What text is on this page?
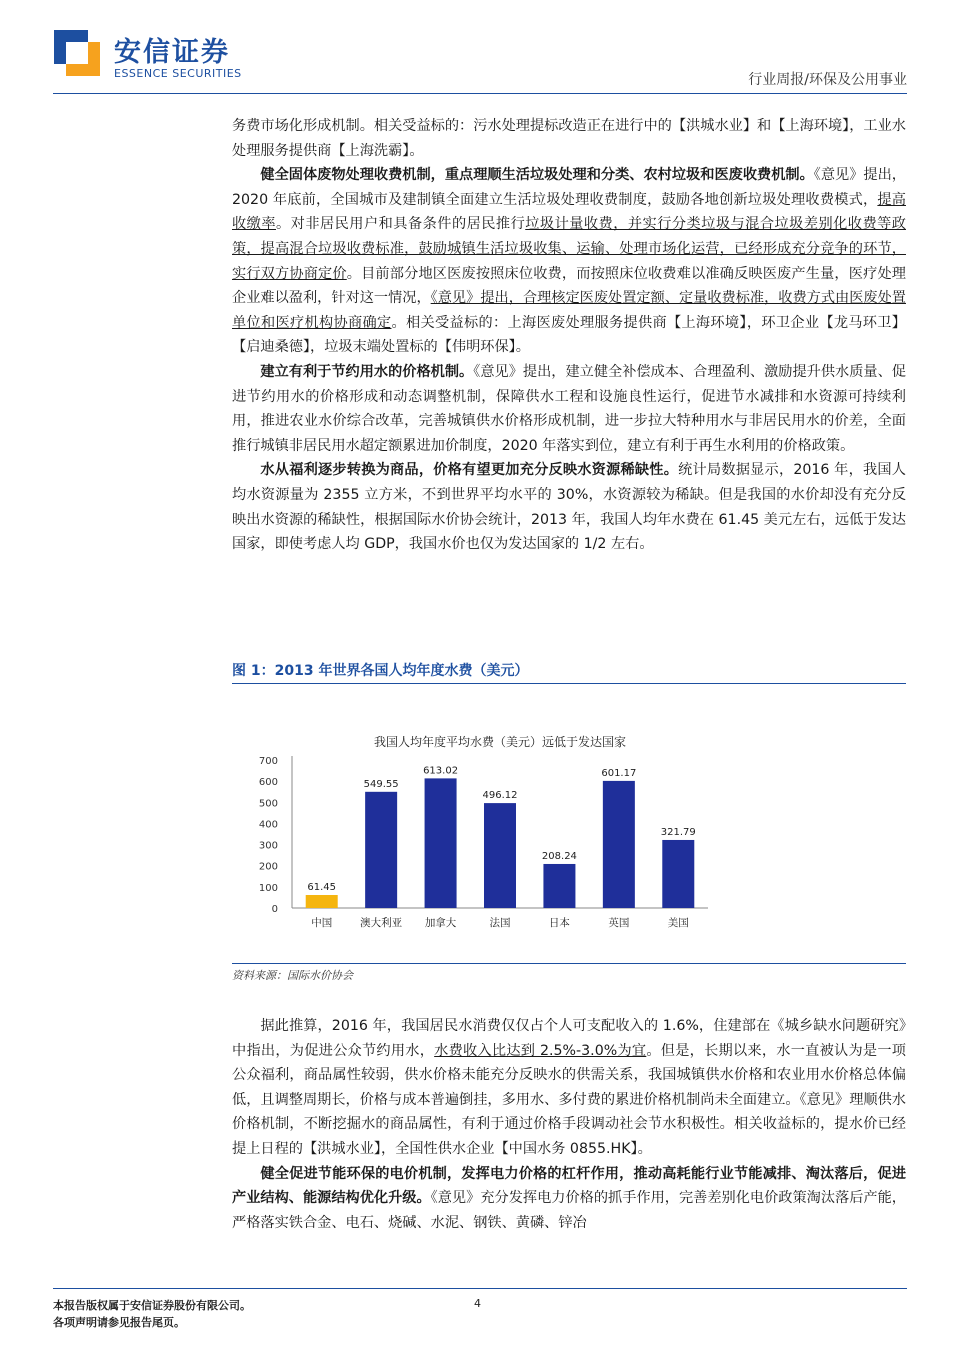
安信证券
ESSENCE SECURITIES	行业周报/环保及公用事业

务费市场化形成机制。相关受益标的：污水处理提标改造正在进行中的【洪城水业】和【上海环境】，工业水处理服务提供商【上海洗霸】。

健全固体废物处理收费机制，重点理顺生活垃圾处理和分类、农村垃圾和医废收费机制。《意见》提出，2020 年底前，全国城市及建制镇全面建立生活垃圾处理收费制度，鼓励各地创新垃圾处理收费模式，提高收缴率。对非居民用户和具备条件的居民推行垃圾计量收费，并实行分类垃圾与混合垃圾差别化收费等政策，提高混合垃圾收费标准，鼓励城镇生活垃圾收集、运输、处理市场化运营，已经形成充分竞争的环节，实行双方协商定价。目前部分地区医废按照床位收费，而按照床位收费难以准确反映医废产生量，医疗处理企业难以盈利，针对这一情况，《意见》提出，合理核定医废处置定额、定量收费标准，收费方式由医废处置单位和医疗机构协商确定。相关受益标的：上海医废处理服务提供商【上海环境】，环卫企业【龙马环卫】【启迪桑德】，垃圾末端处置标的【伟明环保】。

建立有利于节约用水的价格机制。《意见》提出，建立健全补偿成本、合理盈利、激励提升供水质量、促进节约用水的价格形成和动态调整机制，保障供水工程和设施良性运行，促进节水减排和水资源可持续利用，推进农业水价综合改革，完善城镇供水价格形成机制，进一步拉大特种用水与非居民用水的价差，全面推行城镇非居民用水超定额累进加价制度，2020 年落实到位，建立有利于再生水利用的价格政策。

水从福利逐步转换为商品，价格有望更加充分反映水资源稀缺性。统计局数据显示，2016 年，我国人均水资源量为 2355 立方米，不到世界平均水平的 30%，水资源较为稀缺。但是我国的水价却没有充分反映出水资源的稀缺性，根据国际水价协会统计，2013 年，我国人均年水费在 61.45 美元左右，远低于发达国家，即使考虑人均 GDP，我国水价也仅为发达国家的 1/2 左右。

图 1：2013 年世界各国人均年度水费（美元）
我国人均年度平均水费（美元）远低于发达国家
0
100
200
300
400
500
600
700
61.45
中国
549.55
澳大利亚
613.02
加拿大
496.12
法国
208.24
日本
601.17
英国
321.79
美国
资料来源：国际水价协会

据此推算，2016 年，我国居民水消费仅仅占个人可支配收入的 1.6%，住建部在《城乡缺水问题研究》中指出，为促进公众节约用水，水费收入比达到 2.5%-3.0%为宜。但是，长期以来，水一直被认为是一项公众福利，商品属性较弱，供水价格未能充分反映水的供需关系，我国城镇供水价格和农业用水价格总体偏低，且调整周期长，价格与成本普遍倒挂，多用水、多付费的累进价格机制尚未全面建立。《意见》理顺供水价格机制，不断挖掘水的商品属性，有利于通过价格手段调动社会节水积极性。相关收益标的，提水价已经提上日程的【洪城水业】，全国性供水企业【中国水务 0855.HK】。

健全促进节能环保的电价机制，发挥电力价格的杠杆作用，推动高耗能行业节能减排、淘汰落后，促进产业结构、能源结构优化升级。《意见》充分发挥电力价格的抓手作用，完善差别化电价政策淘汰落后产能，严格落实铁合金、电石、烧碱、水泥、钢铁、黄磷、锌冶

本报告版权属于安信证券股份有限公司。
各项声明请参见报告尾页。
4
